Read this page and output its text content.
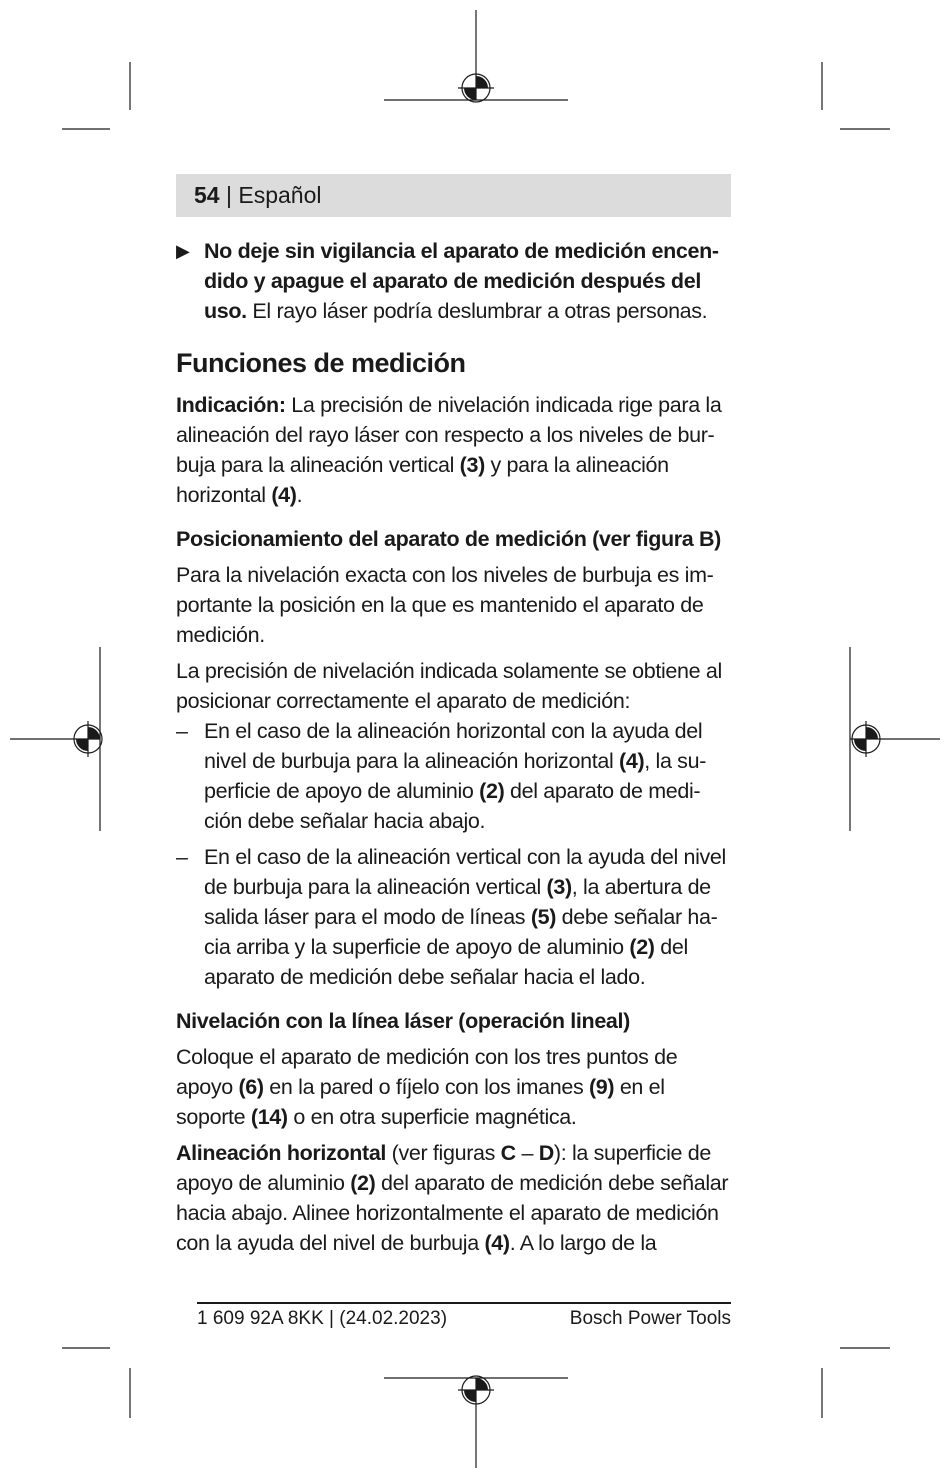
54 | Español

▶ No deje sin vigilancia el aparato de medición encendido y apague el aparato de medición después del uso. El rayo láser podría deslumbrar a otras personas.

Funciones de medición

Indicación: La precisión de nivelación indicada rige para la alineación del rayo láser con respecto a los niveles de burbuja para la alineación vertical (3) y para la alineación horizontal (4).

Posicionamiento del aparato de medición (ver figura B)

Para la nivelación exacta con los niveles de burbuja es importante la posición en la que es mantenido el aparato de medición.

La precisión de nivelación indicada solamente se obtiene al posicionar correctamente el aparato de medición:

– En el caso de la alineación horizontal con la ayuda del nivel de burbuja para la alineación horizontal (4), la superficie de apoyo de aluminio (2) del aparato de medición debe señalar hacia abajo.

– En el caso de la alineación vertical con la ayuda del nivel de burbuja para la alineación vertical (3), la abertura de salida láser para el modo de líneas (5) debe señalar hacia arriba y la superficie de apoyo de aluminio (2) del aparato de medición debe señalar hacia el lado.

Nivelación con la línea láser (operación lineal)

Coloque el aparato de medición con los tres puntos de apoyo (6) en la pared o fíjelo con los imanes (9) en el soporte (14) o en otra superficie magnética.

Alineación horizontal (ver figuras C – D): la superficie de apoyo de aluminio (2) del aparato de medición debe señalar hacia abajo. Alinee horizontalmente el aparato de medición con la ayuda del nivel de burbuja (4). A lo largo de la

1 609 92A 8KK | (24.02.2023)	Bosch Power Tools
